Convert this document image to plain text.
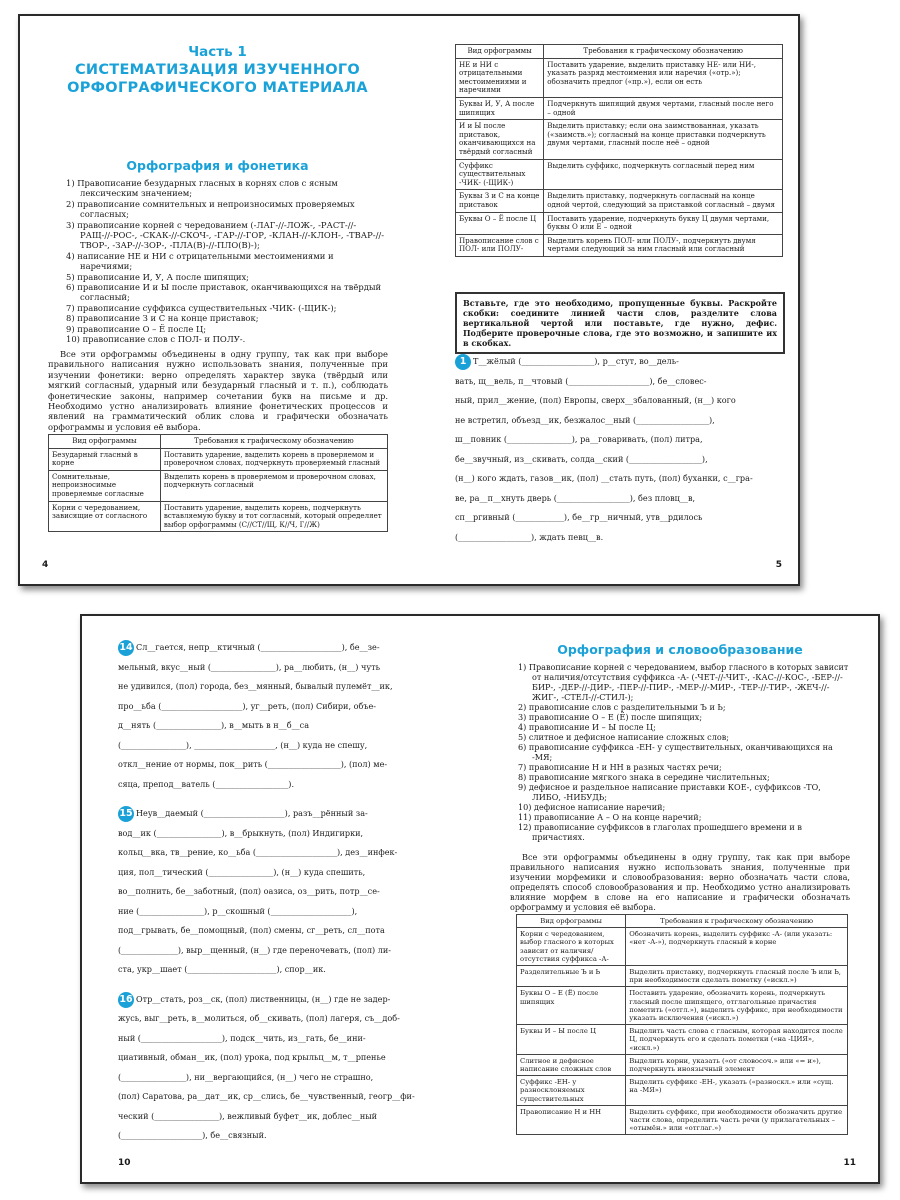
Часть 1
СИСТЕМАТИЗАЦИЯ ИЗУЧЕННОГО
ОРФОГРАФИЧЕСКОГО МАТЕРИАЛА
Орфография и фонетика
1) Правописание безударных гласных в корнях слов с ясным лексическим значением;
2) правописание сомнительных и непроизносимых проверяемых согласных;
3) правописание корней с чередованием (-ЛАГ-//-ЛОЖ-, -РАСТ-//-РАЩ-//-РОС-, -СКАК-//-СКОЧ-, -ГАР-//-ГОР, -КЛАН-//-КЛОН-, -ТВАР-//-ТВОР-, -ЗАР-//-ЗОР-, -ПЛА(В)-//-ПЛО(В)-);
4) написание НЕ и НИ с отрицательными местоимениями и наречиями;
5) правописание И, У, А после шипящих;
6) правописание И и Ы после приставок, оканчивающихся на твёрдый согласный;
7) правописание суффикса существительных -ЧИК- (-ЩИК-);
8) правописание З и С на конце приставок;
9) правописание О – Ё после Ц;
10) правописание слов с ПОЛ- и ПОЛУ-.

Все эти орфограммы объединены в одну группу, так как при выборе правильного написания нужно использовать знания, полученные при изучении фонетики: верно определять характер звука (твёрдый или мягкий согласный, ударный или безударный гласный и т. п.), соблюдать фонетические законы, например сочетании букв на письме и др. Необходимо устно анализировать влияние фонетических процессов и явлений на грамматический облик слова и графически обозначать орфограммы и условия её выбора.

Вид орфограммы	Требования к графическому обозначению
Безударный гласный в корне	Поставить ударение, выделить корень в проверяемом и проверочном словах, подчеркнуть проверяемый гласный
Сомнительные, непроизносимые проверяемые согласные	Выделить корень в проверяемом и проверочном словах, подчеркнуть согласный
Корни с чередованием, зависящие от согласного	Поставить ударение, выделить корень, подчеркнуть вставляемую букву и тот согласный, который определяет выбор орфограммы (С//СТ//Щ, К//Ч, Г//Ж)
4
Вид орфограммы	Требования к графическому обозначению
НЕ и НИ с отрицательными местоимениями и наречиями	Поставить ударение, выделить приставку НЕ- или НИ-, указать разряд местоимения или наречия («отр.»); обозначить предлог («пр.»), если он есть
Буквы И, У, А после шипящих	Подчеркнуть шипящий двумя чертами, гласный после него – одной
И и Ы после приставок, оканчивающихся на твёрдый согласный	Выделить приставку; если она заимствованная, указать («заимств.»); согласный на конце приставки подчеркнуть двумя чертами, гласный после неё – одной
Суффикс существительных -ЧИК- (-ЩИК-)	Выделить суффикс, подчеркнуть согласный перед ним
Буквы З и С на конце приставок	Выделить приставку, подчеркнуть согласный на конце одной чертой, следующий за приставкой согласный – двумя
Буквы О – Ё после Ц	Поставить ударение, подчеркнуть букву Ц двумя чертами, буквы О или Е – одной
Правописание слов с ПОЛ- или ПОЛУ-	Выделить корень ПОЛ- или ПОЛУ-, подчеркнуть двумя чертами следующий за ним гласный или согласный
Вставьте, где это необходимо, пропущенные буквы. Раскройте скобки: соедините линией части слов, разделите слова вертикальной чертой или поставьте, где нужно, дефис. Подберите проверочные слова, где это возможно, и запишите их в скобках.
1 Т__жёлый (__________________), р__стут, во__дель-
вать, щ__вель, п__чтовый (____________________), бе__словес-
ный, прил__жение, (пол) Европы, сверх__збалованный, (н__) кого
не встретил, объезд__ик, безжалос__ный (__________________),
ш__повник (________________), ра__говаривать, (пол) литра,
бе__звучный, из__скивать, солда__ский (__________________),
(н__) кого ждать, газов__ик, (пол) __стать путь, (пол) буханки, с__гра-
ве, ра__п__хнуть дверь (__________________), без пловц__в,
сп__ргивный (____________), бе__гр__ничный, утв__рдилось
(__________________), ждать певц__в.
5
14 Сл__гается, непр__ктичный (____________________), бе__зе-
мельный, вкус__ный (________________), ра__любить, (н__) чуть
не удивился, (пол) города, без__мянный, бывалый пулемёт__ик,
про__ьба (____________________), уг__реть, (пол) Сибири, объе-
д__нять (________________), в__мыть в н__б__са
(________________), ____________________, (н__) куда не спешу,
откл__нение от нормы, пок__рить (__________________), (пол) ме-
сяца, препод__ватель (__________________).
15 Неув__даемый (____________________), разъ__рённый за-
вод__ик (________________), в__брыкнуть, (пол) Индигирки,
кольц__вка, тв__рение, ко__ьба (____________________), дез__инфек-
ция, пол__тический (________________), (н__) куда спешить,
во__полнить, бе__заботный, (пол) оазиса, оз__рить, потр__се-
ние (________________), р__скошный (____________________),
под__грывать, бе__помощный, (пол) смены, сг__реть, сл__пота
(______________), выр__щенный, (н__) где переночевать, (пол) ли-
ста, укр__шает (______________________), спор__ик.
16 Отр__стать, роз__ск, (пол) лиственницы, (н__) где не задер-
жусь, выг__реть, в__молиться, об__скивать, (пол) лагеря, съ__доб-
ный (____________________), подск__чить, из__гать, бе__ини-
циативный, обман__ик, (пол) урока, под крыльц__м, т__рпенье
(________________), ни__вергающийся, (н__) чего не страшно,
(пол) Саратова, ра__дат__ик, ср__слись, бе__чувственный, геогр__фи-
ческий (________________), вежливый буфет__ик, доблес__ный
(____________________), бе__связный.
10
Орфография и словообразование
1) Правописание корней с чередованием, выбор гласного в которых зависит от наличия/отсутствия суффикса -А- (-ЧЕТ-//-ЧИТ-, -КАС-//-КОС-, -БЕР-//-БИР-, -ДЕР-//-ДИР-, -ПЕР-//-ПИР-, -МЕР-//-МИР-, -ТЕР-//-ТИР-, -ЖЕЧ-//-ЖИГ-, -СТЕЛ-//-СТИЛ-);
2) правописание слов с разделительными Ъ и Ь;
3) правописание О – Е (Ё) после шипящих;
4) правописание И – Ы после Ц;
5) слитное и дефисное написание сложных слов;
6) правописание суффикса -ЕН- у существительных, оканчивающихся на -МЯ;
7) правописание Н и НН в разных частях речи;
8) правописание мягкого знака в середине числительных;
9) дефисное и раздельное написание приставки КОЕ-, суффиксов -ТО, ЛИБО, -НИБУДЬ;
10) дефисное написание наречий;
11) правописание А – О на конце наречий;
12) правописание суффиксов в глаголах прошедшего времени и в причастиях.

Все эти орфограммы объединены в одну группу, так как при выборе правильного написания нужно использовать знания, полученные при изучении морфемики и словообразования: верно обозначать части слова, определять способ словообразования и пр. Необходимо устно анализировать влияние морфем в слове на его написание и графически обозначать орфограмму и условия её выбора.

Вид орфограммы	Требования к графическому обозначению
Корни с чередованием, выбор гласного в которых зависит от наличия/отсутствия суффикса -А-	Обозначить корень, выделить суффикс -А- (или указать: «нет -А-»), подчеркнуть гласный в корне
Разделительные Ъ и Ь	Выделить приставку, подчеркнуть гласный после Ъ или Ь, при необходимости сделать пометку («искл.»)
Буквы О – Е (Ё) после шипящих	Поставить ударение, обозначить корень, подчеркнуть гласный после шипящего, отглагольные причастия пометить («отгл.»), выделить суффикс, при необходимости указать исключения («искл.»)
Буквы И – Ы после Ц	Выделить часть слова с гласным, которая находится после Ц, подчеркнуть его и сделать пометки («на -ЦИЯ», «искл.»)
Слитное и дефисное написание сложных слов	Выделить корни, указать («от словосоч.» или «= и»), подчеркнуть иноязычный элемент
Суффикс -ЕН- у разносклоняемых существительных	Выделить суффикс -ЕН-, указать («разноскл.» или «сущ. на -МЯ»)
Правописание Н и НН	Выделить суффикс, при необходимости обозначить другие части слова, определить часть речи (у прилагательных – «отымён.» или «отглаг.»)
11
